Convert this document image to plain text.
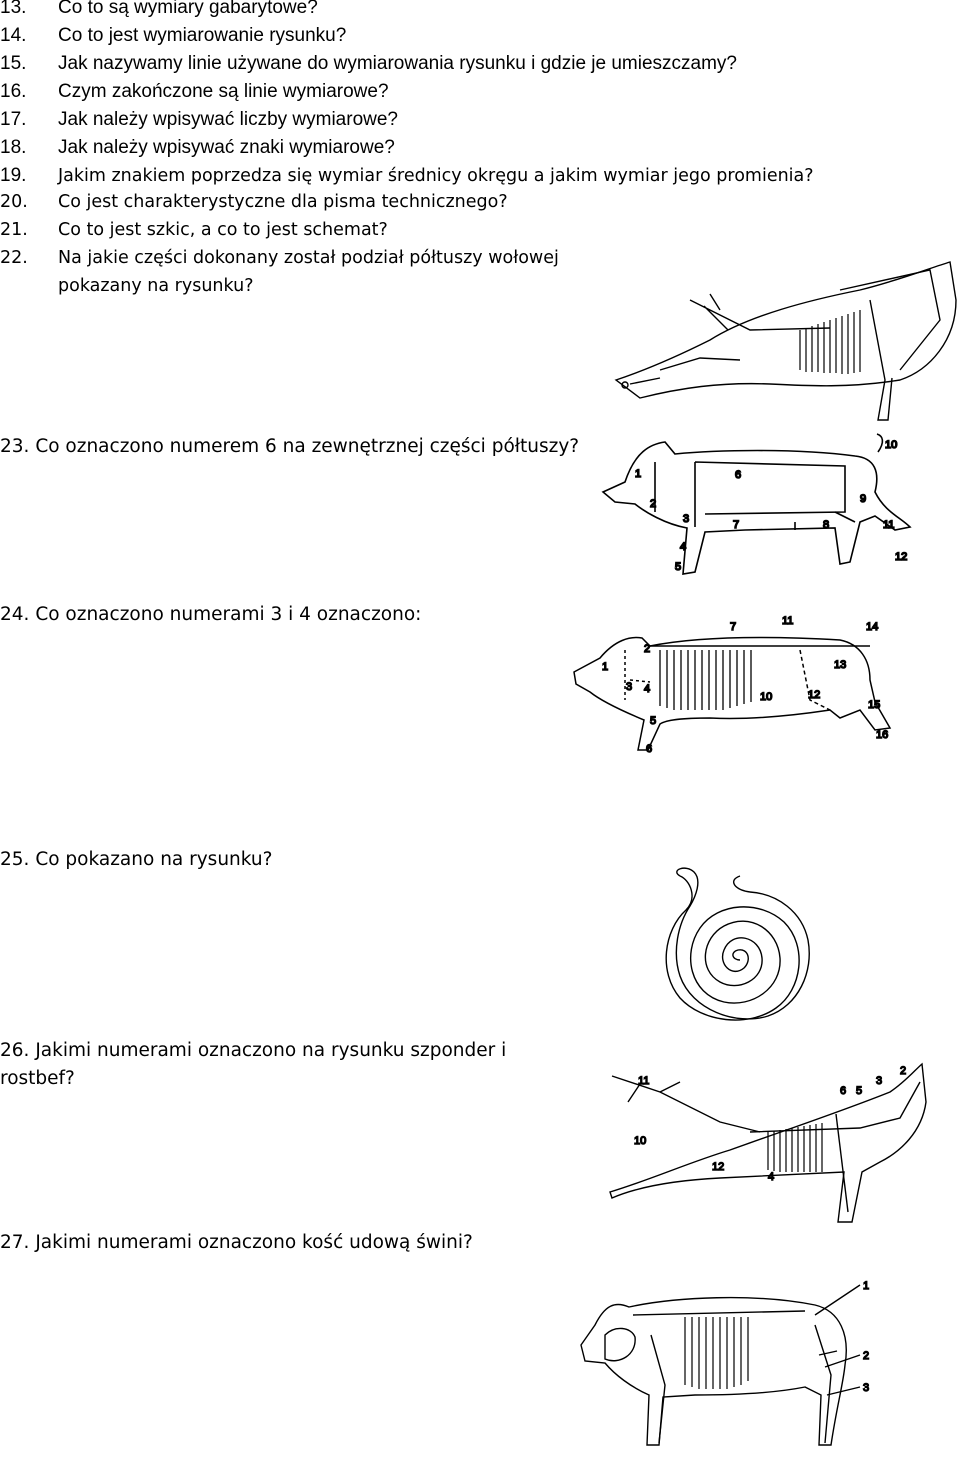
13. Co to są wymiary gabarytowe?
14. Co to jest wymiarowanie rysunku?
15. Jak nazywamy linie używane do wymiarowania rysunku i gdzie je umieszczamy?
16. Czym zakończone są linie wymiarowe?
17. Jak należy wpisywać liczby wymiarowe?
18. Jak należy wpisywać znaki wymiarowe?
19. Jakim znakiem poprzedza się wymiar średnicy okręgu a jakim wymiar jego promienia?
20. Co jest charakterystyczne dla pisma technicznego?
21. Co to jest szkic, a co to jest schemat?
22. Na jakie części dokonany został podział półtuszy wołowej
pokazany na rysunku?
23. Co oznaczono numerem 6 na zewnętrznej części półtuszy?
24. Co oznaczono numerami 3 i 4 oznaczono:
25. Co pokazano na rysunku?
26. Jakimi numerami oznaczono na rysunku szponder i
rostbef?
27. Jakimi numerami oznaczono kość udową świni?
1
2
3
4
5
6
7	8
9
10
11
12
1
2
3 4
5
6
7
10
11
12
13
14
15
16
11
10
12
4
6 5
3
2
1
2
3
